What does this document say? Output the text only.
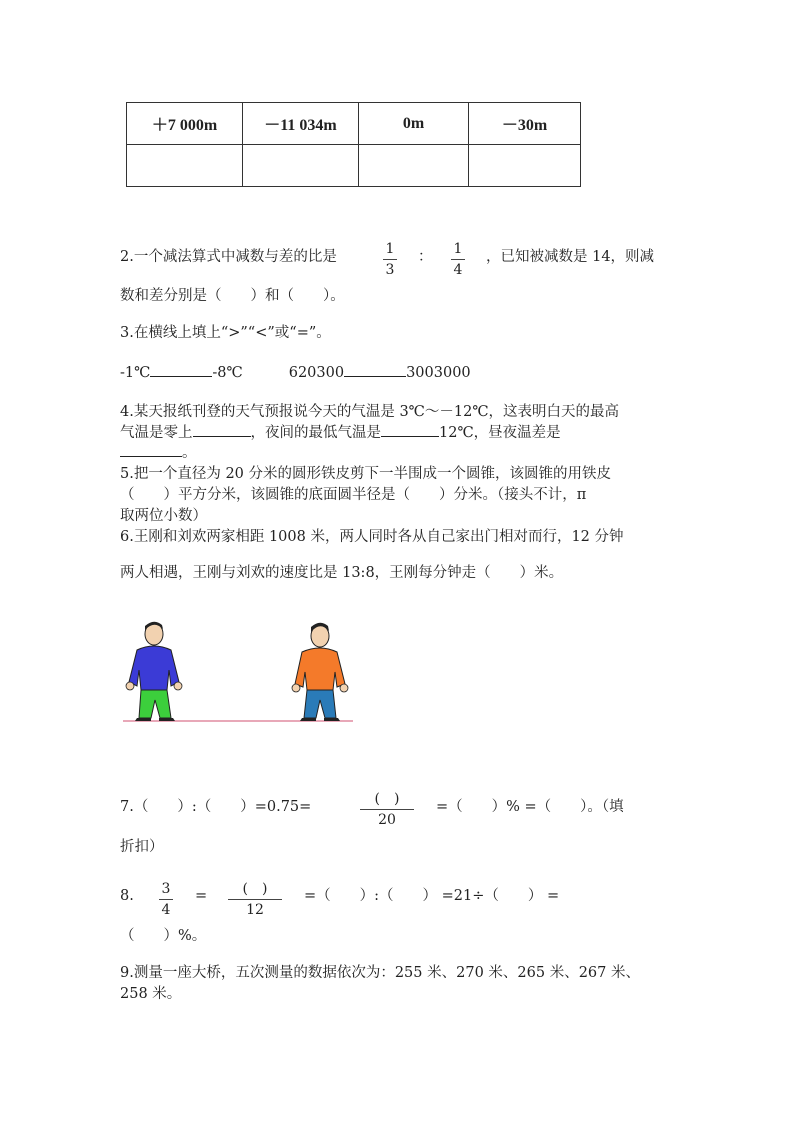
＋7 000m	－11 034m	0m	－30m

2.一个减法算式中减数与差的比是	1
3
： 1
4
，已知被减数是 14，则减
数和差分别是（　　）和（　　）。
3.在横线上填上“>”“<”或“=”。
-1℃	-8℃	620300	3003000
4.某天报纸刊登的天气预报说今天的气温是 3℃～－12℃，这表明白天的最高
气温是零上	，夜间的最低气温是	12℃，昼夜温差是
。
5.把一个直径为 20 分米的圆形铁皮剪下一半围成一个圆锥，该圆锥的用铁皮
（　　）平方分米，该圆锥的底面圆半径是（　　）分米。（接头不计，π
取两位小数）
6.王刚和刘欢两家相距 1008 米，两人同时各从自己家出门相对而行，12 分钟
两人相遇，王刚与刘欢的速度比是 13:8，王刚每分钟走（　　）米。
7.（　　）:（　　）=0.75=	(　)
20
=（　　）% =（　　）。（填
折扣）
8. 3
4
=	(　)
12
=（　　）:（　　） =21÷（　　） =
（　　）%。
9.测量一座大桥，五次测量的数据依次为：255 米、270 米、265 米、267 米、
258 米。
